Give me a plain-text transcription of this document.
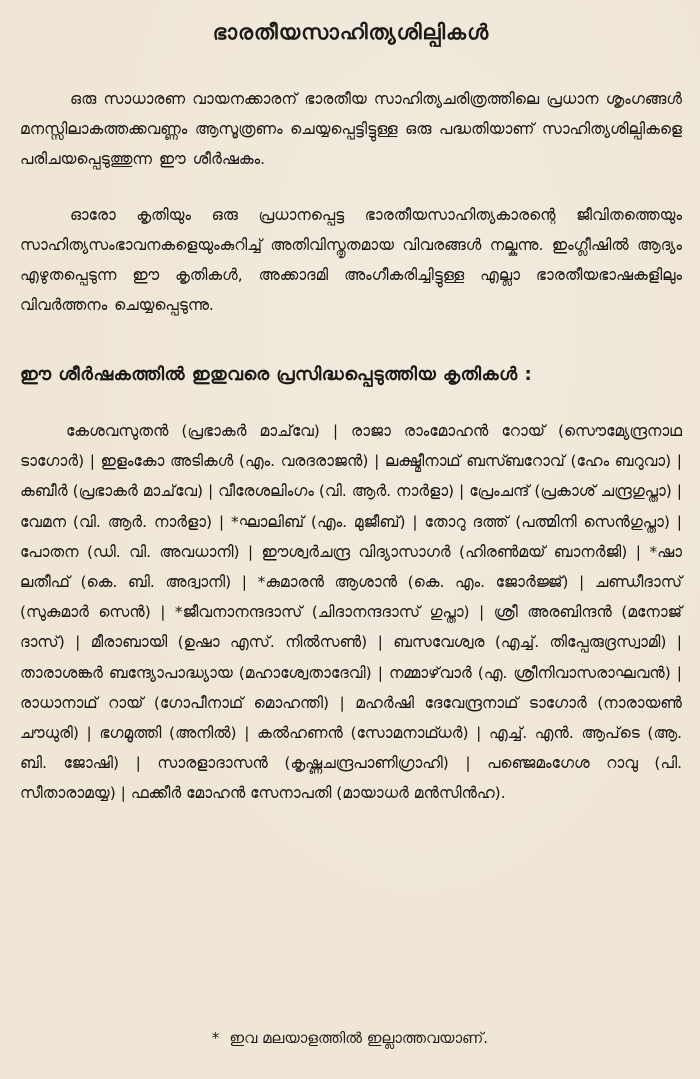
ഭാരതീയസാഹിത്യശില്പികൾ

ഒരു സാധാരണ വായനക്കാരന് ഭാരതീയ സാഹിത്യചരിത്രത്തിലെ പ്രധാന ശൃംഗങ്ങൾ മനസ്സിലാകത്തക്കവണ്ണം ആസൂത്രണം ചെയ്യപ്പെട്ടിട്ടുള്ള ഒരു പദ്ധതിയാണ് സാഹിത്യശില്പികളെ പരിചയപ്പെടുത്തുന്ന ഈ ശീർഷകം.

ഓരോ കൃതിയും ഒരു പ്രധാനപ്പെട്ട ഭാരതീയസാഹിത്യകാരന്റെ ജീവിതത്തെയും സാഹിത്യസംഭാവനകളെയുംകുറിച്ച് അതിവിസ്തൃതമായ വിവരങ്ങൾ നല്കുന്നു. ഇംഗ്ലീഷിൽ ആദ്യം എഴുതപ്പെടുന്ന ഈ കൃതികൾ, അക്കാദമി അംഗീകരിച്ചിട്ടുള്ള എല്ലാ ഭാരതീയഭാഷകളിലും വിവർത്തനം ചെയ്യപ്പെടുന്നു.

ഈ ശീർഷകത്തിൽ ഇതുവരെ പ്രസിദ്ധപ്പെടുത്തിയ കൃതികൾ :

കേശവസുതൻ (പ്രഭാകർ മാച്‌വേ) | രാജാ രാംമോഹൻ റോയ് (സൌമ്യേന്ദ്രനാഥ ടാഗോർ) | ഇളംകോ അടികൾ (എം. വരദരാജൻ) | ലക്ഷ്മീനാഥ് ബസ്ബറോവ് (ഹേം ബറുവാ) | കബീർ (പ്രഭാകർ മാച്‌വേ) | വീരേശലിംഗം (വി. ആർ. നാർളാ) | പ്രേംചന്ദ് (പ്രകാശ് ചന്ദ്രഗുപ്താ) | വേമന (വി. ആർ. നാർളാ) | *ഘാലിബ് (എം. മുജീബ്) | തോറു ദത്ത് (പത്മിനി സെൻഗുപ്താ) | പോതന (ഡി. വി. അവധാനി) | ഈശ്വർചന്ദ്ര വിദ്യാസാഗർ (ഹിരൺമയ് ബാനർജി) | *ഷാ ലതീഫ് (കെ. ബി. അദ്വാനി) | *കുമാരൻ ആശാൻ (കെ. എം. ജോർജ്ജ്) | ചണ്ഡീദാസ് (സുകുമാർ സെൻ) | *ജീവനാനന്ദദാസ് (ചിദാനന്ദദാസ് ഗുപ്താ) | ശ്രീ അരബിന്ദൻ (മനോജ് ദാസ്) | മീരാബായി (ഉഷാ എസ്. നിൽസൺ) | ബസവേശ്വര (എച്ച്. തിപ്പേരുദ്രസ്വാമി) | താരാശങ്കർ ബന്ദ്യോപാദ്ധ്യായ (മഹാശ്വേതാദേവി) | നമ്മാഴ്‌വാർ (എ. ശ്രീനിവാസരാഘവൻ) | രാധാനാഥ് റായ് (ഗോപീനാഥ് മൊഹന്തി) | മഹർഷി ദേവേന്ദ്രനാഥ് ടാഗോർ (നാരായൺ ചൗധുരി) | ഭഗമൂത്തി (അനിൽ) | കൽഹണൻ (സോമനാഥ്ധർ) | എച്ച്. എൻ. ആപ്‌ടെ (ആ. ബി. ജോഷി) | സാരളാദാസൻ (കൃഷ്ണചന്ദ്രപാണിഗ്രാഹി) | പഞ്ജെമംഗേശ റാവു (പി. സീതാരാമയ്യ) | ഫക്കീർ മോഹൻ സേനാപതി (മായാധർ മൻസിൻഹ).

* ഇവ മലയാളത്തിൽ ഇല്ലാത്തവയാണ്.
